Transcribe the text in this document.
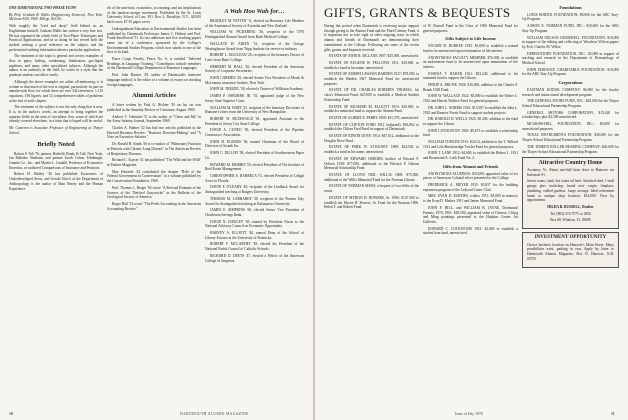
ONE-DIMENSIONAL TWO-PHASE FLOW
By Prof. Graham B. Wallis (Engineering Sciences). New York: McGraw-Hill, 1969. 408 pp. $16.50.

With roughly the "tried and dusty" field behind us, an Englishman himself, Graham Wallis has written a very fine text. He has organized the whole field of Two-Phase Techniques and Practical Applications, and in so doing he has served both the student seeking a good reference on the subject, and the professional wishing information about a particular application.

The treatment of the topic is general and covers examples of flow in pipes, boiling, condensing, fluidization, gas-liquid pipelines, and many other specialized subjects. Although the author is an authority in the field, he writes in a style that the graduate student can follow easily.

Although the above examples are rather all-embracing, it is written so that much of the text is original, particularly its part on annular-mist flow, for which there are over 342 references, 1,110 equations, 158 figures, and 12 comprehensive tables of problems at the end of each chapter.

The treatment of the subject is not the only thing that is new. It is, in the author's words, an attempt to bring together the separate fields in the area of two-phase flow, some of which are already covered elsewhere, in a form that is hoped will be useful.

Mr. Cameron is Associate Professor of Engineering at Thayer School.

Briefly Noted

Robert S. Tab '76, partner, Hatfield, Brady & Tull, New York; Ian Mahaleo Stettham, and partner Jacob Cohen, Edinburgh; Granite Co., Inc.; and Martin L. Lindahl, Professor of Economics Emeritus, co-authored Comparisons of Insurance and Pensions.

Robert H. Hadley '36 has published Economics of Underdeveloped Areas, and Gerald Ulrich of the Department of Anthropology is the author of Man Ninety and the Human Experience.

els of the anti-trust, economics, accounting, and tax implications of the modern merger movement. Published by the St. Louis University School of Law, P.O. Box 3, Brooklyn, N.Y., $20.00 hard cover, $7.50 paper cover.

Undergraduate Education in Environmental Studies has been published by Dartmouth Professors James C. Hiebert and Prof. Frank Smallwood '51. Its two addresses and five working papers came out of a conference sponsored by the College's Environmental Studies Program, which now stands as one of the first of its kind.

Peace Corps Faculty, Peace No. 6, is entitled "Selected Readings in Language Training." Contributors include members of the Dartmouth College Department of Romance Languages.

Prof. John Rassias '49, author of Dartmouth's intensive language method, is the editor of a volume of essays on teaching foreign languages.

Alumni Articles

A letter written by Paul G. Richter '39 on his cat was published in the Saturday Review of Literature, August 1969.

Andrew T. Valentine '51 is the author of "Chess and Me" in the Army Infantry Journal, September 1969.

Charles A. Palmer '32 has had two articles published in the Harvard Business Review: "Business Decision-Making" and "A Note on Executive Salaries."

Dr. Ronald H. Sands '56 is co-author of "Pulmonary Function in Patients with Chronic Lung Disease" in The American Review of Respiratory Diseases.

Richard C. Kayser '41 has published "The Wild and the Wild" in Yankee Magazine.

Max Edwards '44 contributed the chapter "Role of the Federal Government in Conservation" to a volume published by the Conservation Foundation, 1969.

Prof. Thomas L. Berger '65 wrote "A Revised Estimate of the Sources of the Thetford Graywacke" in the Bulletin of the Geological Society of America.

Roger Hall '54 wrote "The Perils Accounting in the American Accounting Review."

A Wah Hoo Wah for…

BRADLEY M. PATTEN '11, elected an Honorary Life Member of the Anatomical Society of Australia and New Zealand.

WILLIAM W. PICKERING '36, recipient of the 1970 Distinguished Alumni Award from Rush Medical College.

WALLACE H. AIKEN '31, recipient of the George Westinghouse Award from Tripp Institute for service to industry.

ROBERT L. MACLEAN '28, recipient of the honorary Doctor of Laws from Bates College.

HERBERT M. HALL '26, elected President of the American Society of Corporate Secretaries.

JOHN CARMEN '28, elected Senior Vice President of Marsh & McLennan, insurance brokers, New York.

JOHN M. TREIZEL '50, elected a Trustee of Williston Academy.

JAMES P. OSBORNE JR. '55, appointed judge of the New Jersey State Superior Court.

WILLIAM M. HART '25, recipient of the honorary Doctorate of Humane Letters from the University of New Hampshire.

ROBERT W. MCDONALD '61, appointed Assistant to the President of Jersey City State College.

DAVID A. CUNEO '49, elected President of the Pipeline Contractors' Association.

JOHN H. EGGERS '36, named Chairman of the Board of Directors of Swank Inc.

JOHN C. DILLON '58, elected President of Southwestern Paper Co.

HOWARD M. MORRIS '53, elected President of The Institute of Real Estate Management.

CHRISTOPHER A. BARRECA '51, elected President of Lehigh Acres in Florida.

DAVID F. O'LEARY '40, recipient of the Lindback Award for distinguished teaching at Rutgers University.

THOMAS M. LARRABEE '38, recipient of the Pioneer Day Award for distinguished teaching at Kalamazoo University.

JAMES E. SIMPKINS '65, elected Senior Vice President of Charleston Savings Bank.

DAVID N. DAWLEY '65, named by President Nixon to the National Advisory Council on Economic Opportunity.

HARVEY A. ELLIOTT '40, named Dean of the School of Library Science at the University of Kentucky.

ROBERT F. MCCARTHY '38, elected the President of the National Parish Council of Catholic Schools.

RICHARD D. DEETS '47, elected a Fellow of the American College of Surgeons.

10	DARTMOUTH ALUMNI MAGAZINE
GIFTS, GRANTS & BEQUESTS

During this period when Dartmouth is receiving major support through giving to the Alumni Fund and the Third Century Fund, it is important not to lose sight of other ongoing ways in which alumni and friends of Dartmouth are demonstrating their commitment to the College. Following are some of the recent gifts, grants, and bequests received.

ESTATE OF JOHN R. MCLANE 1907: $25,000, unrestricted.

ESTATE OF EUGENE W. FELLOWS 1911: $10,000, to establish a fund in his name, unrestricted.

ESTATE OF JOSEPH LAWSON HARDEN 1927: $78,000, to establish the Harden 1927 Memorial Fund for unrestricted purposes.

ESTATE OF DR. CHARLES ROBERTS THOMAS, his class's Memorial Fund: $25,000 to establish a Medical Student Scholarship Fund.

ESTATE OF RICHARD M. ELLIOTT 1910: $10,000, to establish a memorial fund to support the Alumni Fund.

ESTATE OF ALBERT E. PERRY 1908: $11,579, unrestricted.

ESTATE OF CLIFTON FORD 1912 (adjusted): $63,862 to establish the Clifton Ford Fund in support of Dartmouth.

ESTATE OF EDWIN DOVE 1914: $47,012, additional to the Douglas Dove Fund.

ESTATE OF PARK W. STICKNEY 1908: $24,502 to establish a fund in his name, unrestricted.

ESTATE OF EDWARD OSBORN, brother of Edward F. Osborn 1918: $77,000, additional to the Edward F. Osborn Memorial Scholarship Fund.

ESTATE OF LLOYD NEIL WILLIS 1908: $75,000, additional to the Willis Memorial Fund for the Norman Library.

ESTATE OF NORMAN SHAW, a bequest of two-fifths of the estate.

ESTATE OF MYRON H. BOWERS, Sr. 1906: $137,500 to establish the Myron H. Bowers, Sr. Fund for the Norman 1906, Helen T. and Robert Fund.

of W. Russell Fund in the Class of 1906 Memorial Fund for general purposes.

Gifts Subject to Life Income

STUART H. DURKEE 1935: $3,000 to establish a named fund to be unrestricted upon termination of life interest.

ANONYMOUS FACULTY MEMBER: $76,500, to establish an endowment fund to be unrestricted upon termination of life interest.

JOSHUA T. BAKER 1921: $33,240, additional to his unnamed fund to support the Library.

PHILIP A. BRUNK 1928: $16,000, addition to the Charles F. Brunk 1928 Fund.

JOHN W. WALLACE 1922: $5,000 to establish the Walter L. 1922 and Harriet Wallace Fund for general purposes.

DR. JOHN L. NORRIS 1925: $15,587 to establish the John L. 1925 and Bernice Norris Fund to support student projects.

DR. HAROLD D. WELLS 1925: $5,206, addition to the fund to support the Library.

JOHN LIVINGSTON 1929: $9,675 to establish a scholarship fund.

WILLIAM TOWLER 1913: $3,614, addition to the T. Willard 1913 and Lela Breckenridge Towler Fund for general purposes.

JOHN T. LANE 1912: $4,600, to establish the Robert L. 1921 and Rosamond A. Loeb Fund No. 2.

Gifts from Alumni and Friends

ANONYMOUS ALUMNUS: $35,000, appraised value of six pieces of American Colonial silver presented to the College.

FREDERICK A. MEYER 1935: $5,837 for the building expansion program of the Ledyard Canoe Club.

MRS. EVAN D. MATHES, widow 1911: $5,000 in memory to the Evan D. Mathes 1911 and James Memorial Fund.

JOHN F. HILL, and WILLIAM B. JAYNE, Dartmouth Parents, 1970, 1961: $18,500, appraised value of Chinese, Ch'ing and Ming paintings presented to the Hopkins Center Art Galleries.

EDWARD C. LOCKWOOD 1921: $1,000 to establish a student loan fund, unrestricted.

Foundations

LOUIS BORICK FOUNDATION: $8,000 for the ABC Stay-Up Program.

AARON E. NORMAN FUND, INC.: $10,000 for the ABC Stay-Up Program.

WILLIAM NELSON CROMWELL FOUNDATION: $10,000 in support of the editing and collecting of Woodrow Wilson papers by Prof. Charles M. Wiltse.

DERWENTORY FOUNDATION, INC.: $5,000 in support of teaching and research in the Department of Dermatology of Medical School.

JOHN DORANCE CHARITABLE FOUNDATION: $10,000 for the ABC Stay-Up Program.

Corporations

EASTMAN KODAK COMPANY: $6,000 for the faculty research and instructional development program.

THE GENERAL FOODS FUND, INC.: $20,000 for the Thayer School Educational Partnership Program.

GENERAL MOTORS CORPORATION: $15,420 for scholarships, plus $3,500 unrestricted.

MCGRAW-HILL FOUNDATION, INC.: $5,000 for unrestricted purposes.

TEXAS INSTRUMENTS FOUNDATION: $20,000 for the Thayer School Educational Partnership Program.

THE TIMKEN ROLLER BEARING COMPANY: $20,000 for the Thayer School Educational Partnership Program.

Attractive Country Home

Ascutney, Vt. About one-half hour drive to Hanover via Interstate 91.

Seven rooms, bath, hot water oil heat. Attached shed, 1-stall garage plus workshop, brand new carpet, fireplace, plumbing, walled gardens. Large acreage. Ideal retirement home or antique shop location. $32,000. View by appointment.

HILDA B. RUSSELL, Realtor

Tel. (802) 674-5775 or 2856

Box 68, Windsor, Vt. 05089

INVESTMENT OPPORTUNITY

Choice business location on Hanover's Main Street. Many possibilities exist, parking in rear. Apply by letter to Dartmouth Alumni Magazine, Box D, Hanover, N.H. 03755.

Issue of July 1970	11
